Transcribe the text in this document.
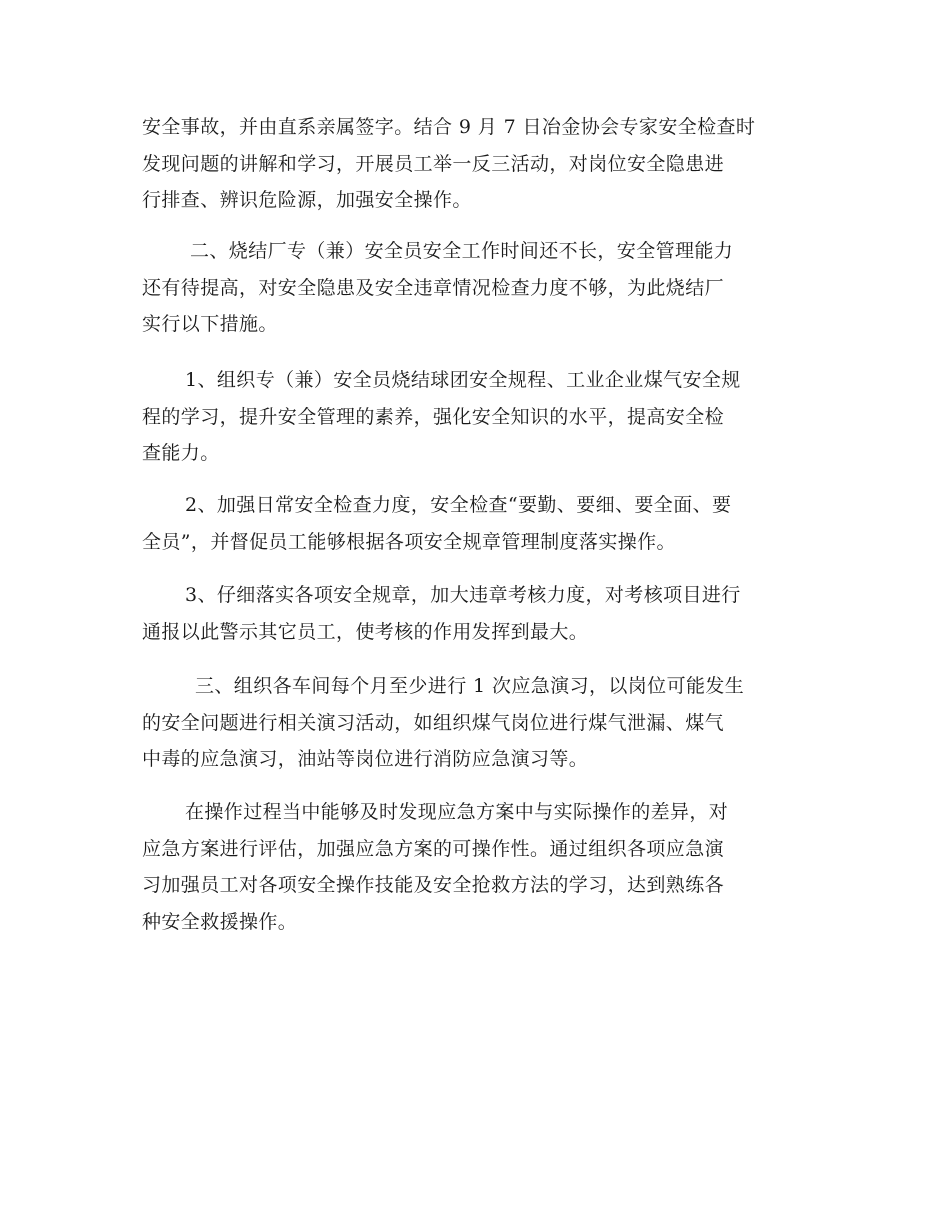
安全事故，并由直系亲属签字。结合 9 月 7 日冶金协会专家安全检查时
发现问题的讲解和学习，开展员工举一反三活动，对岗位安全隐患进
行排查、辨识危险源，加强安全操作。

二、烧结厂专（兼）安全员安全工作时间还不长，安全管理能力

还有待提高，对安全隐患及安全违章情况检查力度不够，为此烧结厂
实行以下措施。

1、组织专（兼）安全员烧结球团安全规程、工业企业煤气安全规

程的学习，提升安全管理的素养，强化安全知识的水平，提高安全检
查能力。

2、加强日常安全检查力度，安全检查“要勤、要细、要全面、要

全员”，并督促员工能够根据各项安全规章管理制度落实操作。

3、仔细落实各项安全规章，加大违章考核力度，对考核项目进行

通报以此警示其它员工，使考核的作用发挥到最大。

三、组织各车间每个月至少进行 1 次应急演习，以岗位可能发生

的安全问题进行相关演习活动，如组织煤气岗位进行煤气泄漏、煤气
中毒的应急演习，油站等岗位进行消防应急演习等。

在操作过程当中能够及时发现应急方案中与实际操作的差异，对

应急方案进行评估，加强应急方案的可操作性。通过组织各项应急演
习加强员工对各项安全操作技能及安全抢救方法的学习，达到熟练各
种安全救援操作。
